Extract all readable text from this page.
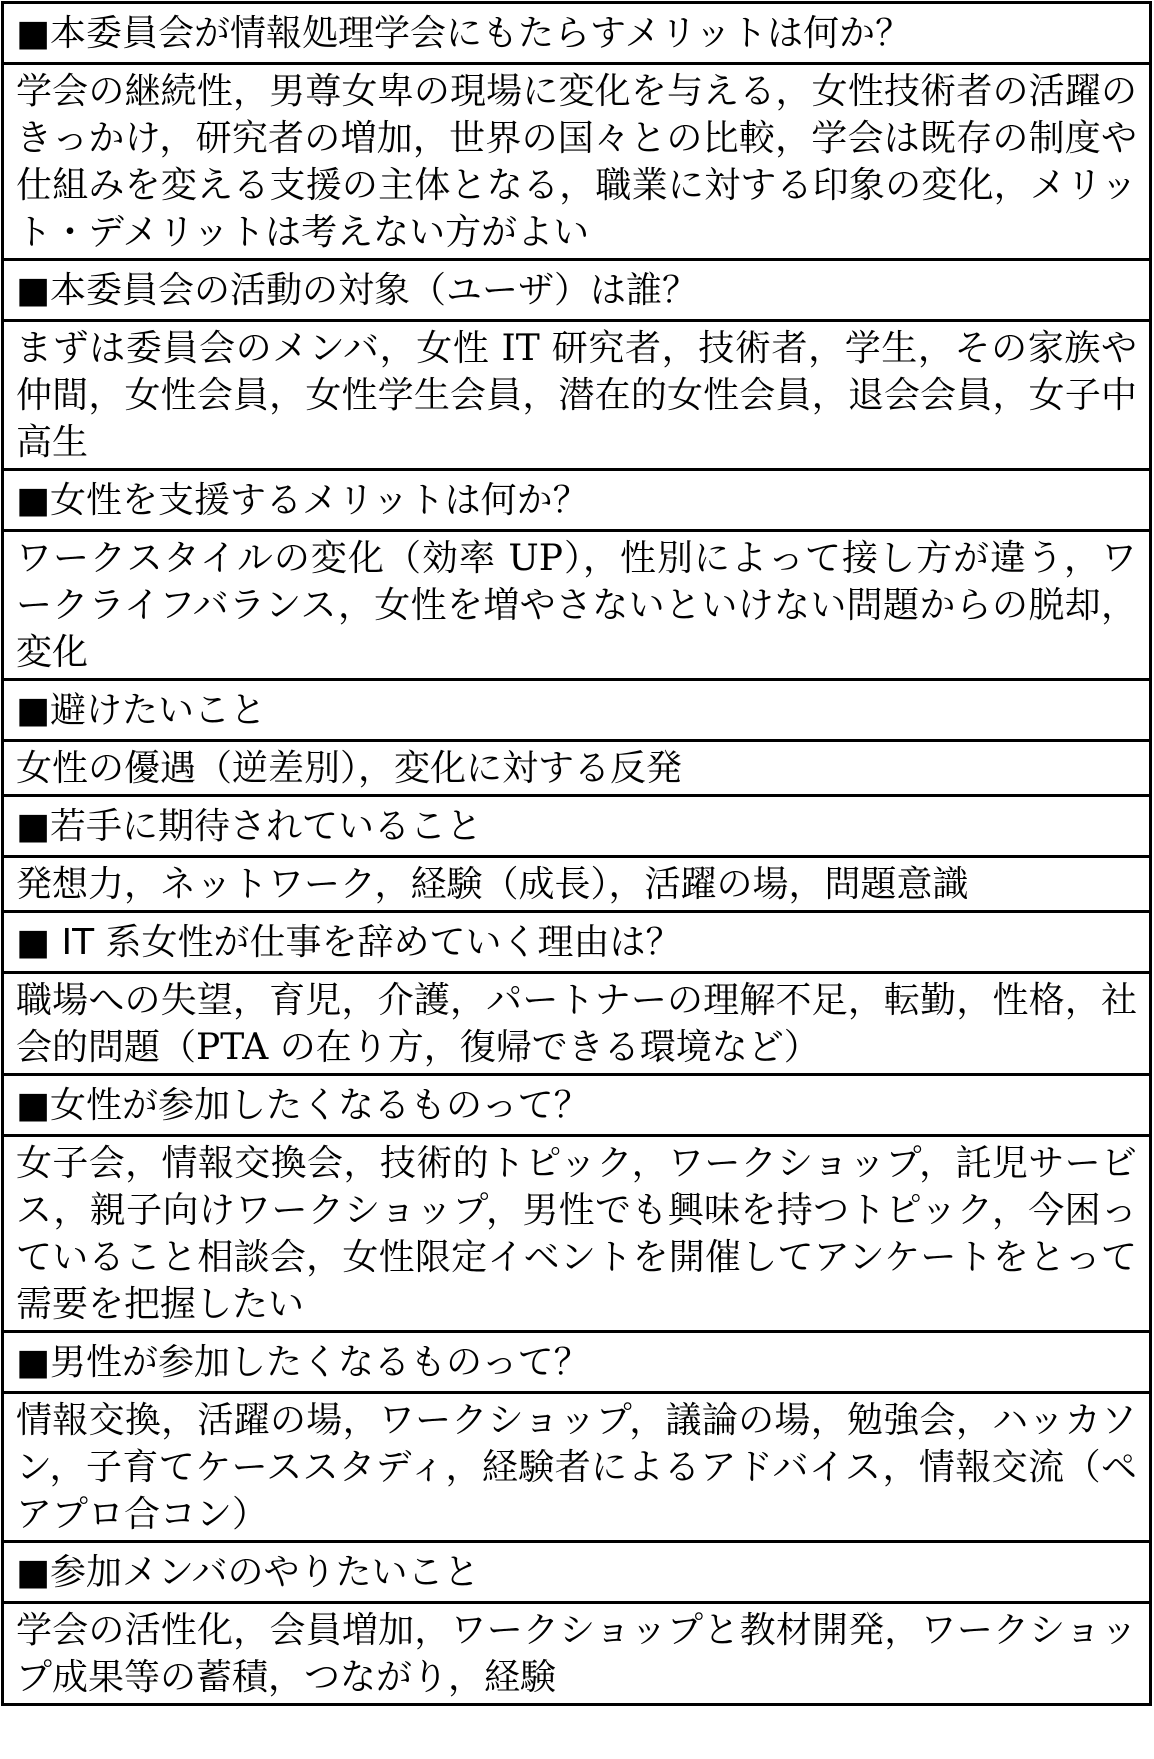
■本委員会が情報処理学会にもたらすメリットは何か？
学会の継続性，男尊女卑の現場に変化を与える，女性技術者の活躍のきっかけ，研究者の増加，世界の国々との比較，学会は既存の制度や仕組みを変える支援の主体となる，職業に対する印象の変化，メリット・デメリットは考えない方がよい
■本委員会の活動の対象（ユーザ）は誰？
まずは委員会のメンバ，女性 IT 研究者，技術者，学生，その家族や仲間，女性会員，女性学生会員，潜在的女性会員，退会会員，女子中高生
■女性を支援するメリットは何か？
ワークスタイルの変化（効率 UP），性別によって接し方が違う，ワークライフバランス，女性を増やさないといけない問題からの脱却，変化
■避けたいこと
女性の優遇（逆差別），変化に対する反発
■若手に期待されていること
発想力，ネットワーク，経験（成長），活躍の場，問題意識
■ IT 系女性が仕事を辞めていく理由は？
職場への失望，育児，介護，パートナーの理解不足，転勤，性格，社会的問題（PTA の在り方，復帰できる環境など）
■女性が参加したくなるものって？
女子会，情報交換会，技術的トピック，ワークショップ，託児サービス，親子向けワークショップ，男性でも興味を持つトピック，今困っていること相談会，女性限定イベントを開催してアンケートをとって需要を把握したい
■男性が参加したくなるものって？
情報交換，活躍の場，ワークショップ，議論の場，勉強会，ハッカソン，子育てケーススタディ，経験者によるアドバイス，情報交流（ペアプロ合コン）
■参加メンバのやりたいこと
学会の活性化，会員増加，ワークショップと教材開発，ワークショップ成果等の蓄積，つながり，経験
